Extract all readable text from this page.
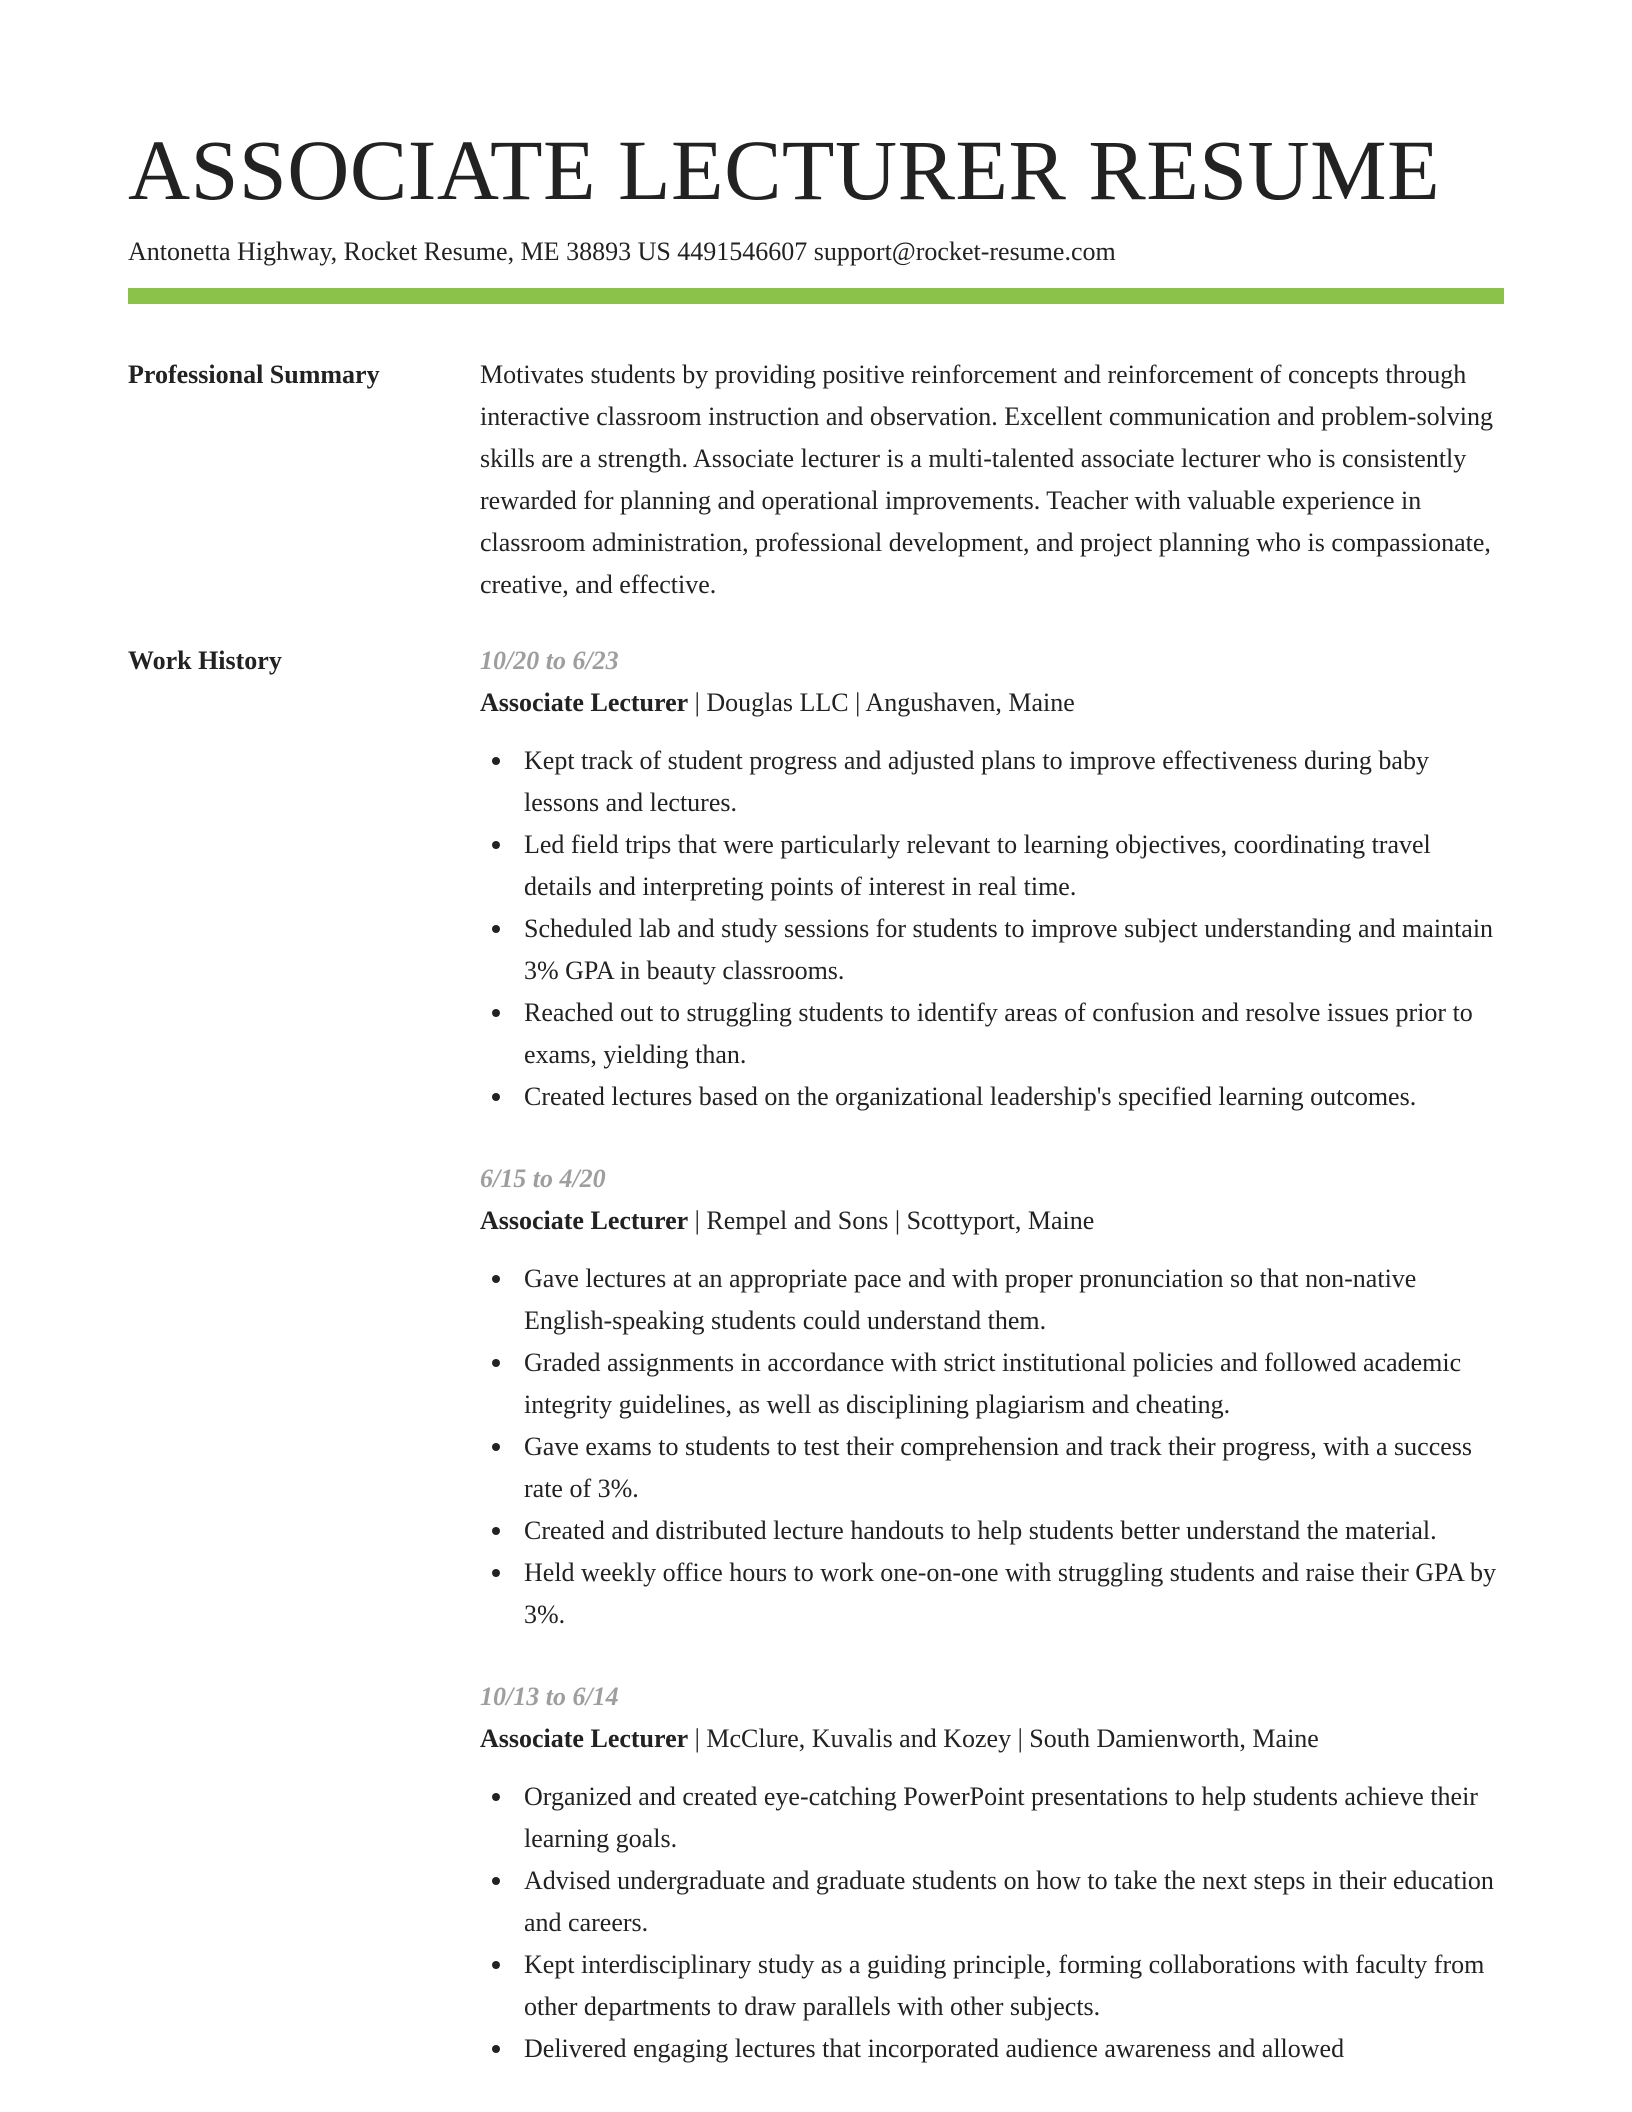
ASSOCIATE LECTURER RESUME
Antonetta Highway, Rocket Resume, ME 38893 US 4491546607 support@rocket-resume.com
Professional Summary	Motivates students by providing positive reinforcement and reinforcement of concepts through interactive classroom instruction and observation. Excellent communication and problem-solving skills are a strength. Associate lecturer is a multi-talented associate lecturer who is consistently rewarded for planning and operational improvements. Teacher with valuable experience in classroom administration, professional development, and project planning who is compassionate, creative, and effective.
Work History	10/20 to 6/23
Associate Lecturer | Douglas LLC | Angushaven, Maine
Kept track of student progress and adjusted plans to improve effectiveness during baby lessons and lectures.
Led field trips that were particularly relevant to learning objectives, coordinating travel details and interpreting points of interest in real time.
Scheduled lab and study sessions for students to improve subject understanding and maintain 3% GPA in beauty classrooms.
Reached out to struggling students to identify areas of confusion and resolve issues prior to exams, yielding than.
Created lectures based on the organizational leadership's specified learning outcomes.
6/15 to 4/20
Associate Lecturer | Rempel and Sons | Scottyport, Maine
Gave lectures at an appropriate pace and with proper pronunciation so that non-native English-speaking students could understand them.
Graded assignments in accordance with strict institutional policies and followed academic integrity guidelines, as well as disciplining plagiarism and cheating.
Gave exams to students to test their comprehension and track their progress, with a success rate of 3%.
Created and distributed lecture handouts to help students better understand the material.
Held weekly office hours to work one-on-one with struggling students and raise their GPA by 3%.
10/13 to 6/14
Associate Lecturer | McClure, Kuvalis and Kozey | South Damienworth, Maine
Organized and created eye-catching PowerPoint presentations to help students achieve their learning goals.
Advised undergraduate and graduate students on how to take the next steps in their education and careers.
Kept interdisciplinary study as a guiding principle, forming collaborations with faculty from other departments to draw parallels with other subjects.
Delivered engaging lectures that incorporated audience awareness and allowed
